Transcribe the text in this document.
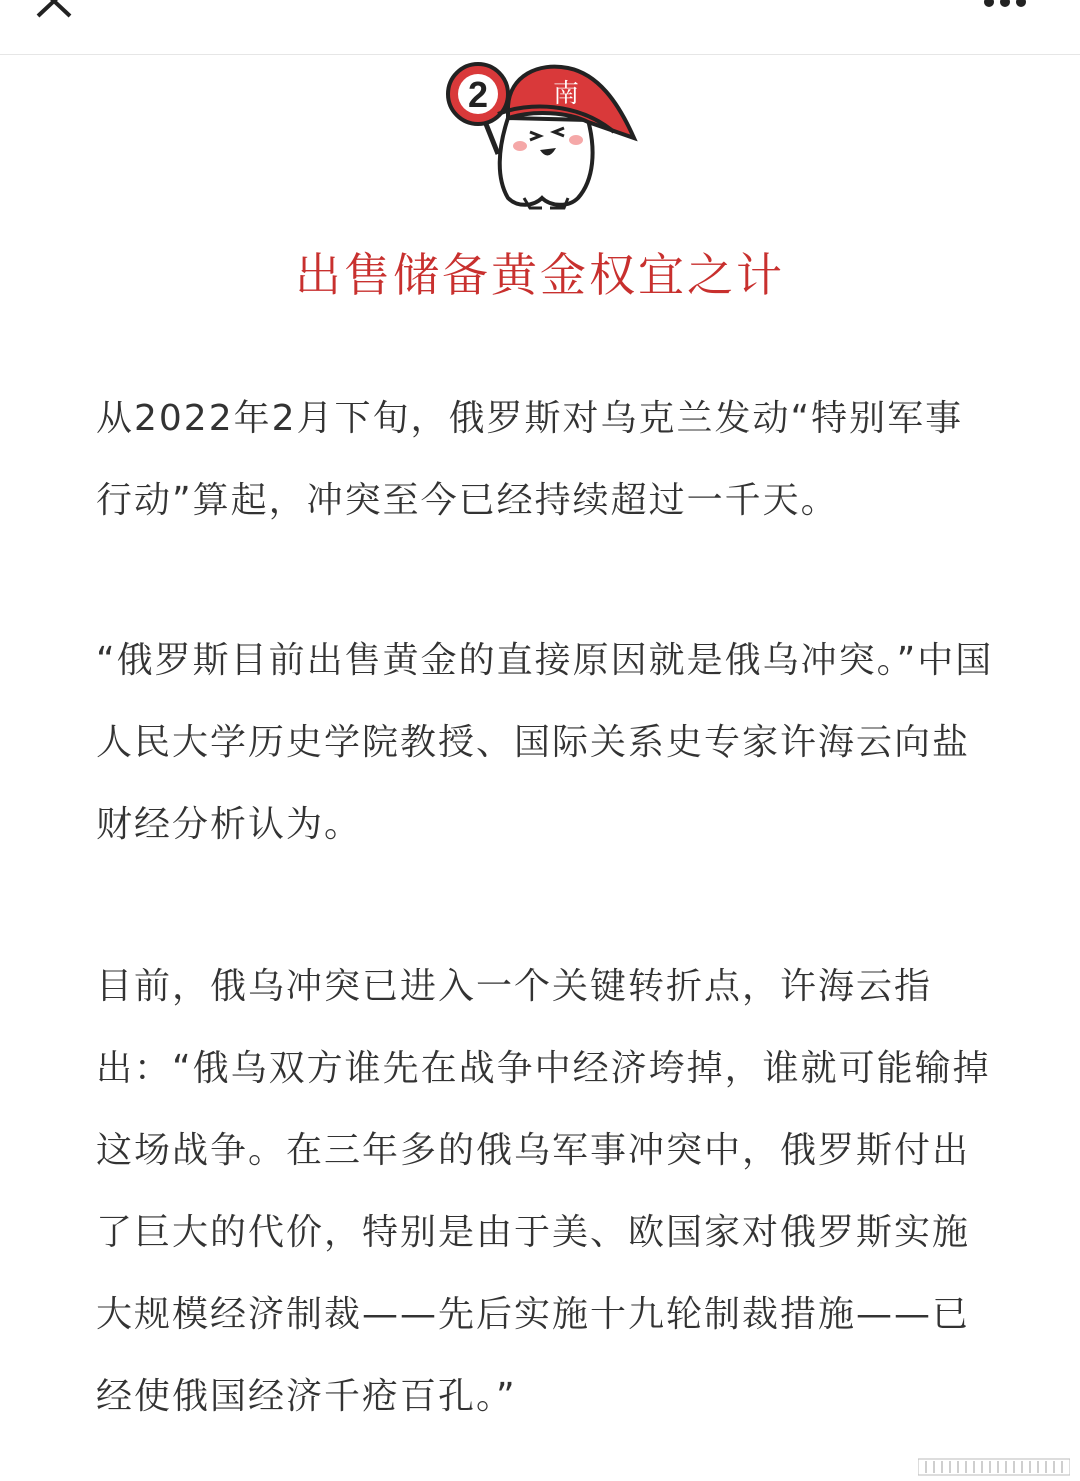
2 南
出售储备黄金权宜之计

从2022年2月下旬，俄罗斯对乌克兰发动“特别军事行动”算起，冲突至今已经持续超过一千天。

“俄罗斯目前出售黄金的直接原因就是俄乌冲突。”中国人民大学历史学院教授、国际关系史专家许海云向盐财经分析认为。

目前，俄乌冲突已进入一个关键转折点，许海云指出：“俄乌双方谁先在战争中经济垮掉，谁就可能输掉这场战争。在三年多的俄乌军事冲突中，俄罗斯付出了巨大的代价，特别是由于美、欧国家对俄罗斯实施大规模经济制裁——先后实施十九轮制裁措施——已经使俄国经济千疮百孔。”
